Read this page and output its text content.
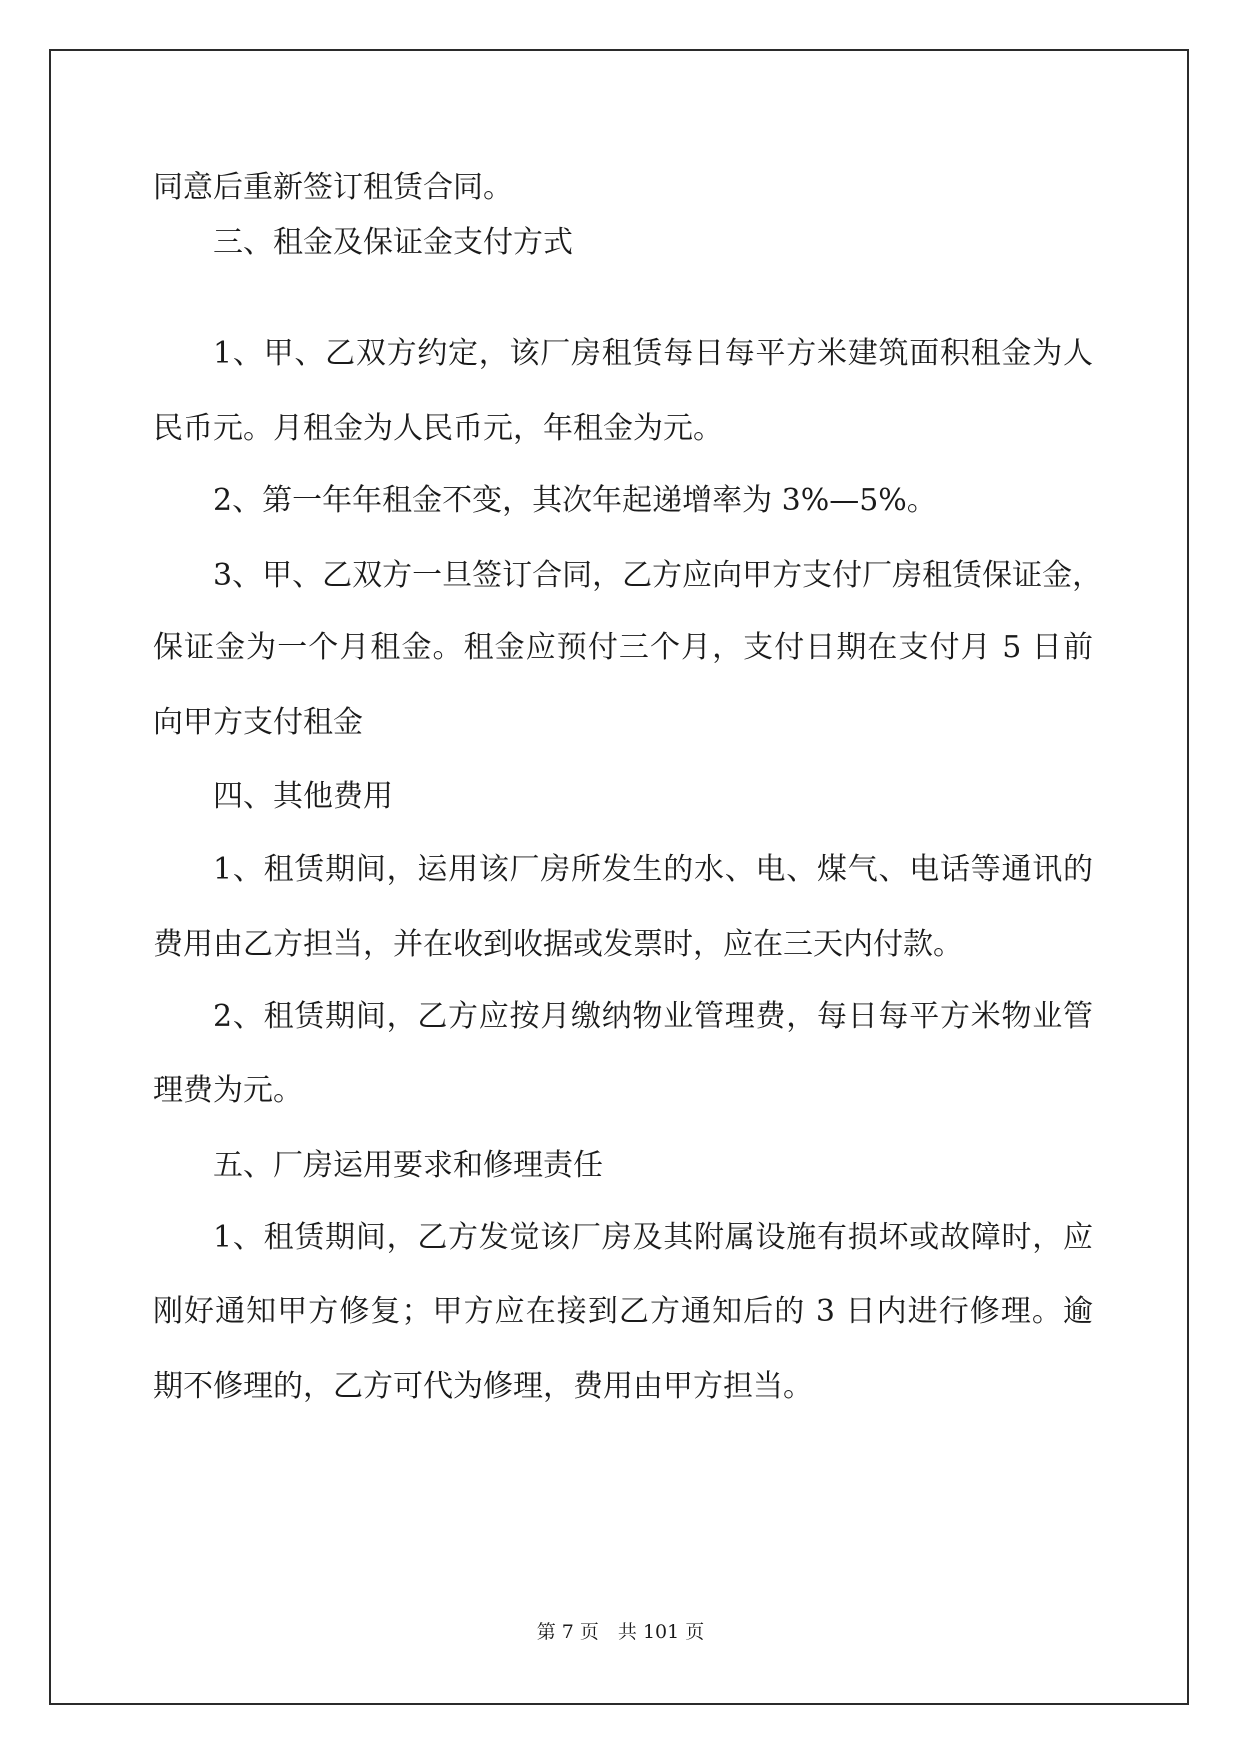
同意后重新签订租赁合同。
三、租金及保证金支付方式
1、甲、乙双方约定，该厂房租赁每日每平方米建筑面积租金为人
民币元。月租金为人民币元，年租金为元。
2、第一年年租金不变，其次年起递增率为 3%—5%。
3、甲、乙双方一旦签订合同，乙方应向甲方支付厂房租赁保证金，
保证金为一个月租金。租金应预付三个月，支付日期在支付月 5 日前
向甲方支付租金
四、其他费用
1、租赁期间，运用该厂房所发生的水、电、煤气、电话等通讯的
费用由乙方担当，并在收到收据或发票时，应在三天内付款。
2、租赁期间，乙方应按月缴纳物业管理费，每日每平方米物业管
理费为元。
五、厂房运用要求和修理责任
1、租赁期间，乙方发觉该厂房及其附属设施有损坏或故障时，应
刚好通知甲方修复；甲方应在接到乙方通知后的 3 日内进行修理。逾
期不修理的，乙方可代为修理，费用由甲方担当。
第 7 页　共 101 页
